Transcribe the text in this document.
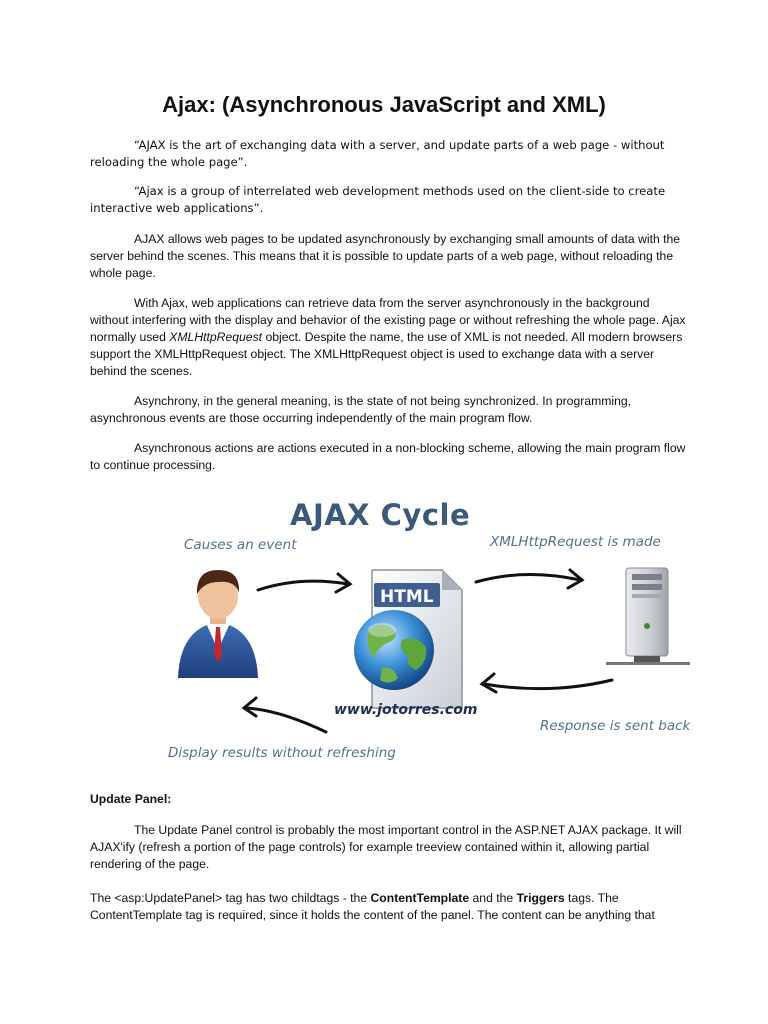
Ajax: (Asynchronous JavaScript and XML)

“AJAX is the art of exchanging data with a server, and update parts of a web page - without reloading the whole page”.

“Ajax is a group of interrelated web development methods used on the client-side to create interactive web applications”.

AJAX allows web pages to be updated asynchronously by exchanging small amounts of data with the server behind the scenes. This means that it is possible to update parts of a web page, without reloading the whole page.

With Ajax, web applications can retrieve data from the server asynchronously in the background without interfering with the display and behavior of the existing page or without refreshing the whole page. Ajax normally used XMLHttpRequest object. Despite the name, the use of XML is not needed. All modern browsers support the XMLHttpRequest object. The XMLHttpRequest object is used to exchange data with a server behind the scenes.

Asynchrony, in the general meaning, is the state of not being synchronized. In programming, asynchronous events are those occurring independently of the main program flow.

Asynchronous actions are actions executed in a non-blocking scheme, allowing the main program flow to continue processing.

AJAX Cycle
Causes an event	XMLHttpRequest is made
Response is sent back
Display results without refreshing
HTML
www.jotorres.com
Update Panel:

The Update Panel control is probably the most important control in the ASP.NET AJAX package. It will AJAX'ify (refresh a portion of the page controls) for example treeview contained within it, allowing partial rendering of the page.

The <asp:UpdatePanel> tag has two childtags - the ContentTemplate and the Triggers tags. The ContentTemplate tag is required, since it holds the content of the panel. The content can be anything that
